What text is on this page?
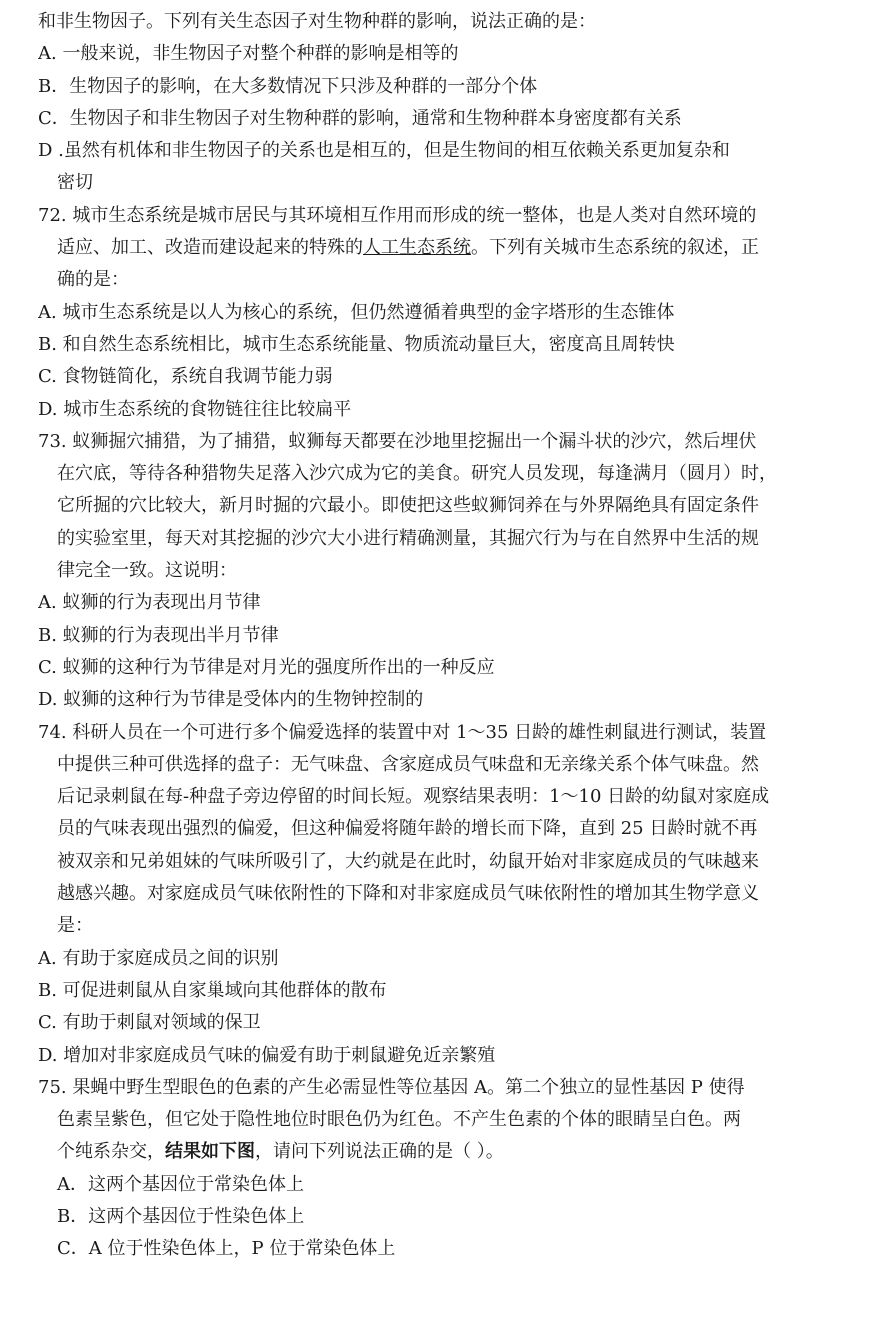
和非生物因子。下列有关生态因子对生物种群的影响，说法正确的是：
A. 一般来说，非生物因子对整个种群的影响是相等的
B．生物因子的影响，在大多数情况下只涉及种群的一部分个体
C．生物因子和非生物因子对生物种群的影响，通常和生物种群本身密度都有关系
D .虽然有机体和非生物因子的关系也是相互的，但是生物间的相互依赖关系更加复杂和
密切
72. 城市生态系统是城市居民与其环境相互作用而形成的统一整体，也是人类对自然环境的
适应、加工、改造而建设起来的特殊的人工生态系统。下列有关城市生态系统的叙述，正
确的是：
A. 城市生态系统是以人为核心的系统，但仍然遵循着典型的金字塔形的生态锥体
B. 和自然生态系统相比，城市生态系统能量、物质流动量巨大，密度高且周转快
C. 食物链简化，系统自我调节能力弱
D. 城市生态系统的食物链往往比较扁平
73. 蚁狮掘穴捕猎，为了捕猎，蚁狮每天都要在沙地里挖掘出一个漏斗状的沙穴，然后埋伏
在穴底，等待各种猎物失足落入沙穴成为它的美食。研究人员发现，每逢满月（圆月）时，
它所掘的穴比较大，新月时掘的穴最小。即使把这些蚁狮饲养在与外界隔绝具有固定条件
的实验室里，每天对其挖掘的沙穴大小进行精确测量，其掘穴行为与在自然界中生活的规
律完全一致。这说明：
A. 蚁狮的行为表现出月节律
B. 蚁狮的行为表现出半月节律
C. 蚁狮的这种行为节律是对月光的强度所作出的一种反应
D. 蚁狮的这种行为节律是受体内的生物钟控制的
74. 科研人员在一个可进行多个偏爱选择的装置中对 1～35 日龄的雄性刺鼠进行测试，装置
中提供三种可供选择的盘子：无气味盘、含家庭成员气味盘和无亲缘关系个体气味盘。然
后记录刺鼠在每-种盘子旁边停留的时间长短。观察结果表明：1～10 日龄的幼鼠对家庭成
员的气味表现出强烈的偏爱，但这种偏爱将随年龄的增长而下降，直到 25 日龄时就不再
被双亲和兄弟姐妹的气味所吸引了，大约就是在此时，幼鼠开始对非家庭成员的气味越来
越感兴趣。对家庭成员气味依附性的下降和对非家庭成员气味依附性的增加其生物学意义
是：
A. 有助于家庭成员之间的识别
B. 可促进刺鼠从自家巢域向其他群体的散布
C. 有助于刺鼠对领域的保卫
D. 增加对非家庭成员气味的偏爱有助于刺鼠避免近亲繁殖
75. 果蝇中野生型眼色的色素的产生必需显性等位基因 A。第二个独立的显性基因 P 使得
色素呈紫色，但它处于隐性地位时眼色仍为红色。不产生色素的个体的眼睛呈白色。两
个纯系杂交，结果如下图，请问下列说法正确的是（ ）。
A．这两个基因位于常染色体上
B．这两个基因位于性染色体上
C．A 位于性染色体上，P 位于常染色体上
